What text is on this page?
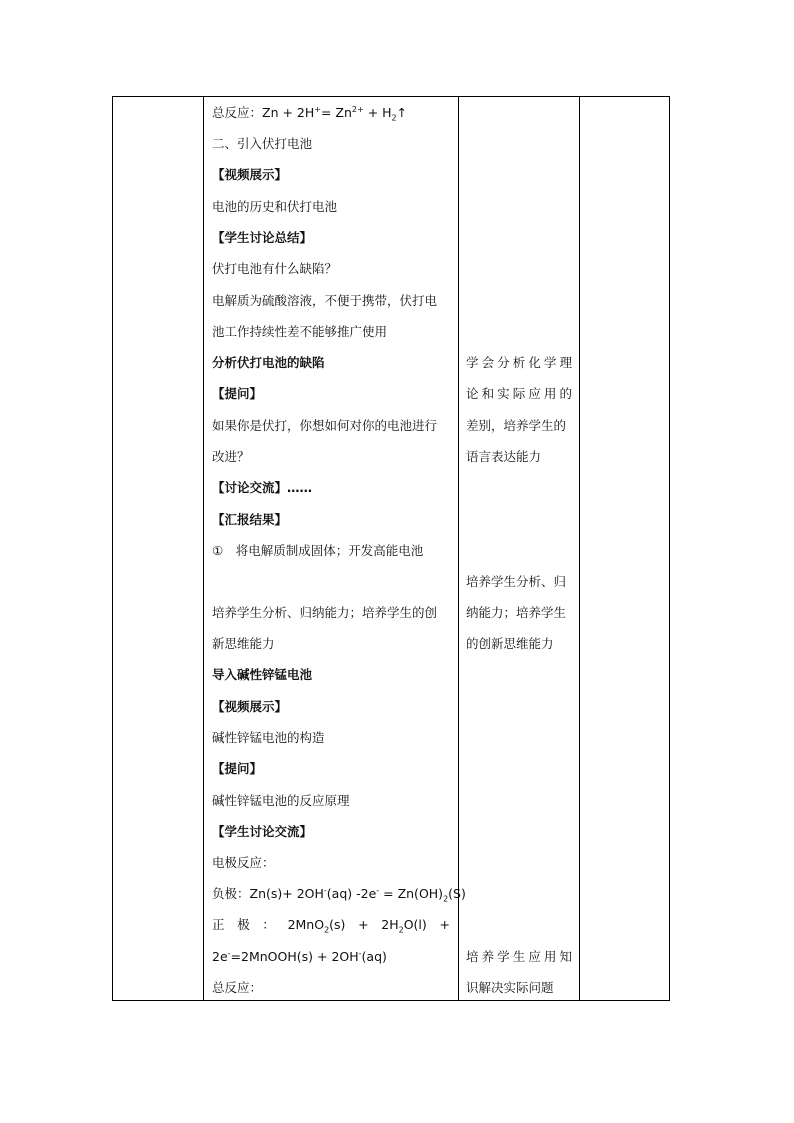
总反应：$Zn + 2H^+= Zn^{2+}$ + $H_2↑$
二、引入伏打电池
【视频展示】
电池的历史和伏打电池
【学生讨论总结】
伏打电池有什么缺陷？
电解质为硫酸溶液，不便于携带，伏打电
池工作持续性差不能够推广使用
分析伏打电池的缺陷
【提问】
如果你是伏打，你想如何对你的电池进行
改进？
【讨论交流】……
【汇报结果】
①　将电解质制成固体；开发高能电池
培养学生分析、归纳能力；培养学生的创
新思维能力
导入碱性锌锰电池
【视频展示】
碱性锌锰电池的构造
【提问】
碱性锌锰电池的反应原理
【学生讨论交流】
电极反应：
负极：Zn(s)+ 2OH-(aq) $-2e^- = Zn(OH)_2(S)$
正 极 ： $2MnO_2(s) + 2H_2O(l)$ +
2e-=2MnOOH(s) + 2OH-(aq)
总反应：
学 会 分 析 化 学 理
论 和 实 际 应 用 的
差别，培养学生的
语言表达能力
培养学生分析、归
纳能力；培养学生
的创新思维能力
培 养 学 生 应 用 知
识解决实际问题
